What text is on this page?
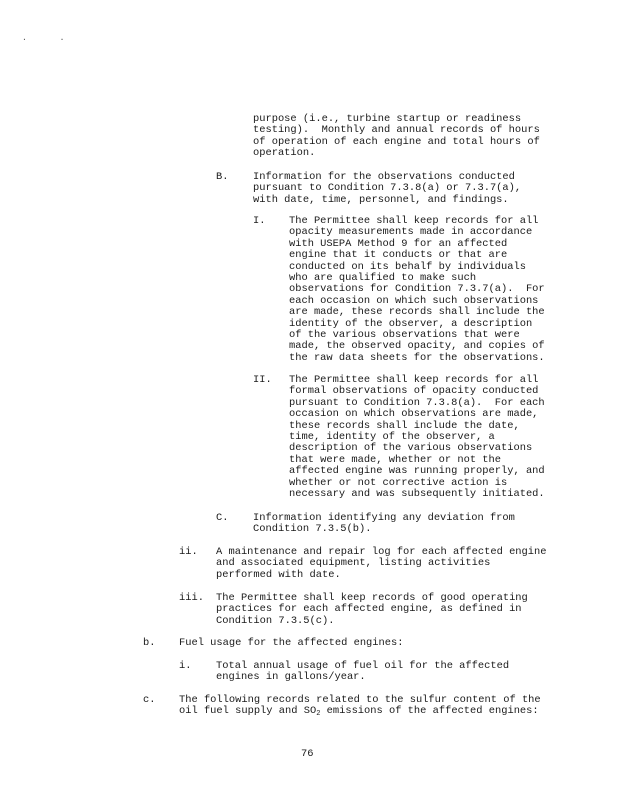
. .
purpose (i.e., turbine startup or readiness
testing).  Monthly and annual records of hours
of operation of each engine and total hours of
operation.
B. Information for the observations conducted
pursuant to Condition 7.3.8(a) or 7.3.7(a),
with date, time, personnel, and findings.
I. The Permittee shall keep records for all
opacity measurements made in accordance
with USEPA Method 9 for an affected
engine that it conducts or that are
conducted on its behalf by individuals
who are qualified to make such
observations for Condition 7.3.7(a).  For
each occasion on which such observations
are made, these records shall include the
identity of the observer, a description
of the various observations that were
made, the observed opacity, and copies of
the raw data sheets for the observations.
II. The Permittee shall keep records for all
formal observations of opacity conducted
pursuant to Condition 7.3.8(a).  For each
occasion on which observations are made,
these records shall include the date,
time, identity of the observer, a
description of the various observations
that were made, whether or not the
affected engine was running properly, and
whether or not corrective action is
necessary and was subsequently initiated.
C. Information identifying any deviation from
Condition 7.3.5(b).
ii. A maintenance and repair log for each affected engine
and associated equipment, listing activities
performed with date.
iii. The Permittee shall keep records of good operating
practices for each affected engine, as defined in
Condition 7.3.5(c).
b. Fuel usage for the affected engines:
i. Total annual usage of fuel oil for the affected
engines in gallons/year.
c. The following records related to the sulfur content of the
oil fuel supply and SO2 emissions of the affected engines:
76
